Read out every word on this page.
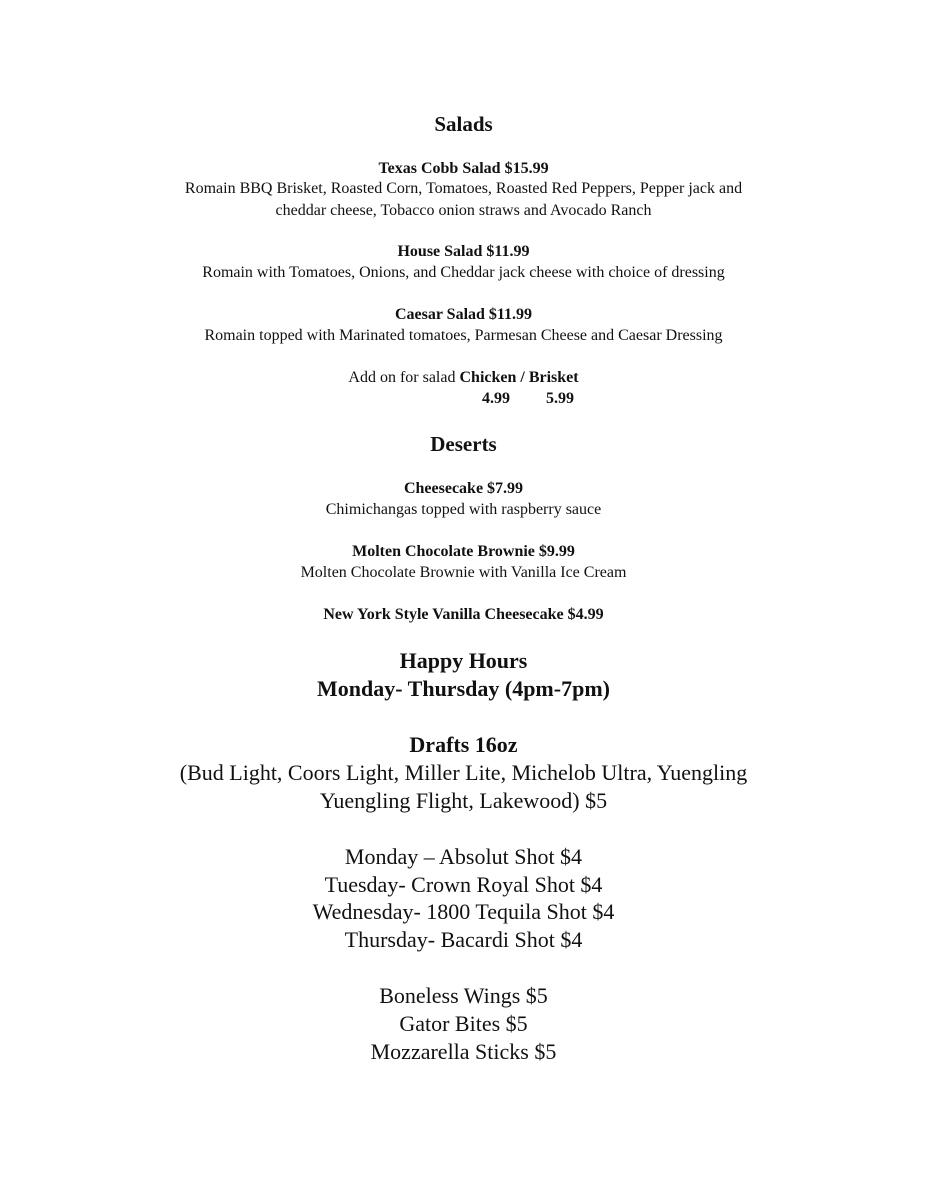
Salads
Texas Cobb Salad $15.99
Romain BBQ Brisket, Roasted Corn, Tomatoes, Roasted Red Peppers, Pepper jack and
cheddar cheese, Tobacco onion straws and Avocado Ranch
House Salad $11.99
Romain with Tomatoes, Onions, and Cheddar jack cheese with choice of dressing
Caesar Salad $11.99
Romain topped with Marinated tomatoes, Parmesan Cheese and Caesar Dressing
Add on for salad Chicken / Brisket
4.99 5.99
Deserts
Cheesecake $7.99
Chimichangas topped with raspberry sauce
Molten Chocolate Brownie $9.99
Molten Chocolate Brownie with Vanilla Ice Cream
New York Style Vanilla Cheesecake $4.99
Happy Hours
Monday- Thursday (4pm-7pm)
Drafts 16oz
(Bud Light, Coors Light, Miller Lite, Michelob Ultra, Yuengling
Yuengling Flight, Lakewood) $5
Monday – Absolut Shot $4
Tuesday- Crown Royal Shot $4
Wednesday- 1800 Tequila Shot $4
Thursday- Bacardi Shot $4
Boneless Wings $5
Gator Bites $5
Mozzarella Sticks $5
